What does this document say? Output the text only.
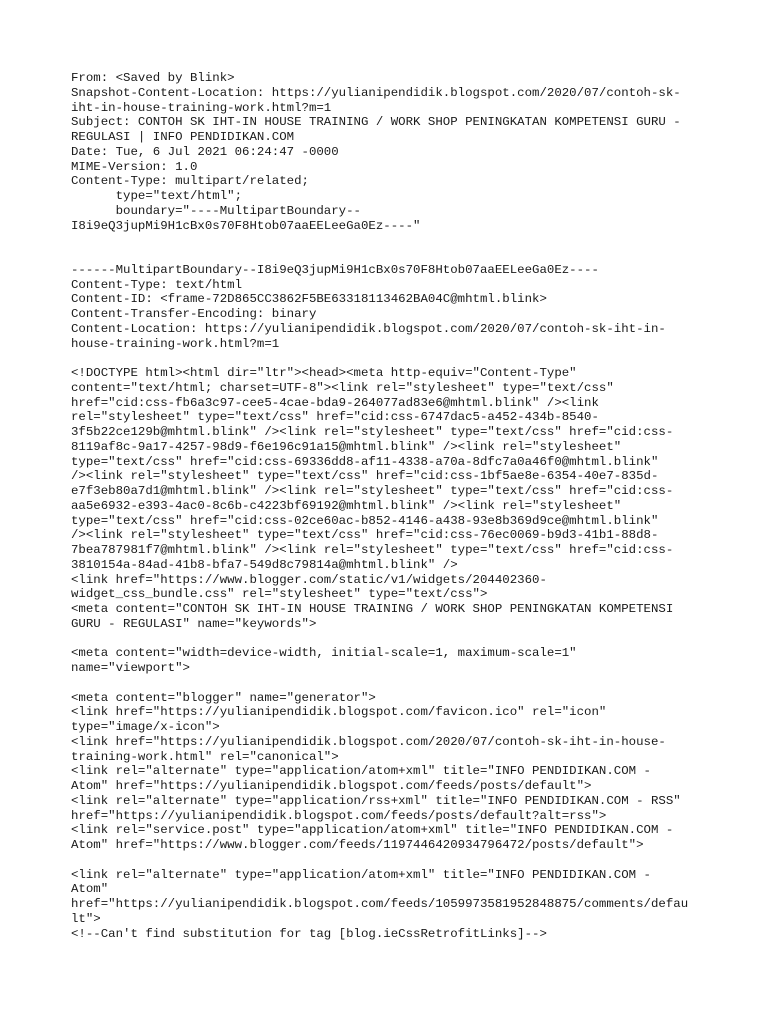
From: <Saved by Blink>
Snapshot-Content-Location: https://yulianipendidik.blogspot.com/2020/07/contoh-sk-
iht-in-house-training-work.html?m=1
Subject: CONTOH SK IHT-IN HOUSE TRAINING / WORK SHOP PENINGKATAN KOMPETENSI GURU -
REGULASI | INFO PENDIDIKAN.COM
Date: Tue, 6 Jul 2021 06:24:47 -0000
MIME-Version: 1.0
Content-Type: multipart/related;
type="text/html";
boundary="----MultipartBoundary--
I8i9eQ3jupMi9H1cBx0s70F8Htob07aaEELeeGa0Ez----"
------MultipartBoundary--I8i9eQ3jupMi9H1cBx0s70F8Htob07aaEELeeGa0Ez----
Content-Type: text/html
Content-ID: <frame-72D865CC3862F5BE63318113462BA04C@mhtml.blink>
Content-Transfer-Encoding: binary
Content-Location: https://yulianipendidik.blogspot.com/2020/07/contoh-sk-iht-in-
house-training-work.html?m=1
<!DOCTYPE html><html dir="ltr"><head><meta http-equiv="Content-Type"
content="text/html; charset=UTF-8"><link rel="stylesheet" type="text/css"
href="cid:css-fb6a3c97-cee5-4cae-bda9-264077ad83e6@mhtml.blink" /><link
rel="stylesheet" type="text/css" href="cid:css-6747dac5-a452-434b-8540-
3f5b22ce129b@mhtml.blink" /><link rel="stylesheet" type="text/css" href="cid:css-
8119af8c-9a17-4257-98d9-f6e196c91a15@mhtml.blink" /><link rel="stylesheet"
type="text/css" href="cid:css-69336dd8-af11-4338-a70a-8dfc7a0a46f0@mhtml.blink"
/><link rel="stylesheet" type="text/css" href="cid:css-1bf5ae8e-6354-40e7-835d-
e7f3eb80a7d1@mhtml.blink" /><link rel="stylesheet" type="text/css" href="cid:css-
aa5e6932-e393-4ac0-8c6b-c4223bf69192@mhtml.blink" /><link rel="stylesheet"
type="text/css" href="cid:css-02ce60ac-b852-4146-a438-93e8b369d9ce@mhtml.blink"
/><link rel="stylesheet" type="text/css" href="cid:css-76ec0069-b9d3-41b1-88d8-
7bea787981f7@mhtml.blink" /><link rel="stylesheet" type="text/css" href="cid:css-
3810154a-84ad-41b8-bfa7-549d8c79814a@mhtml.blink" />
<link href="https://www.blogger.com/static/v1/widgets/204402360-
widget_css_bundle.css" rel="stylesheet" type="text/css">
<meta content="CONTOH SK IHT-IN HOUSE TRAINING / WORK SHOP PENINGKATAN KOMPETENSI
GURU - REGULASI" name="keywords">
<meta content="width=device-width, initial-scale=1, maximum-scale=1"
name="viewport">
<meta content="blogger" name="generator">
<link href="https://yulianipendidik.blogspot.com/favicon.ico" rel="icon"
type="image/x-icon">
<link href="https://yulianipendidik.blogspot.com/2020/07/contoh-sk-iht-in-house-
training-work.html" rel="canonical">
<link rel="alternate" type="application/atom+xml" title="INFO PENDIDIKAN.COM -
Atom" href="https://yulianipendidik.blogspot.com/feeds/posts/default">
<link rel="alternate" type="application/rss+xml" title="INFO PENDIDIKAN.COM - RSS"
href="https://yulianipendidik.blogspot.com/feeds/posts/default?alt=rss">
<link rel="service.post" type="application/atom+xml" title="INFO PENDIDIKAN.COM -
Atom" href="https://www.blogger.com/feeds/1197446420934796472/posts/default">
<link rel="alternate" type="application/atom+xml" title="INFO PENDIDIKAN.COM -
Atom"
href="https://yulianipendidik.blogspot.com/feeds/1059973581952848875/comments/defau
lt">
<!--Can't find substitution for tag [blog.ieCssRetrofitLinks]-->
